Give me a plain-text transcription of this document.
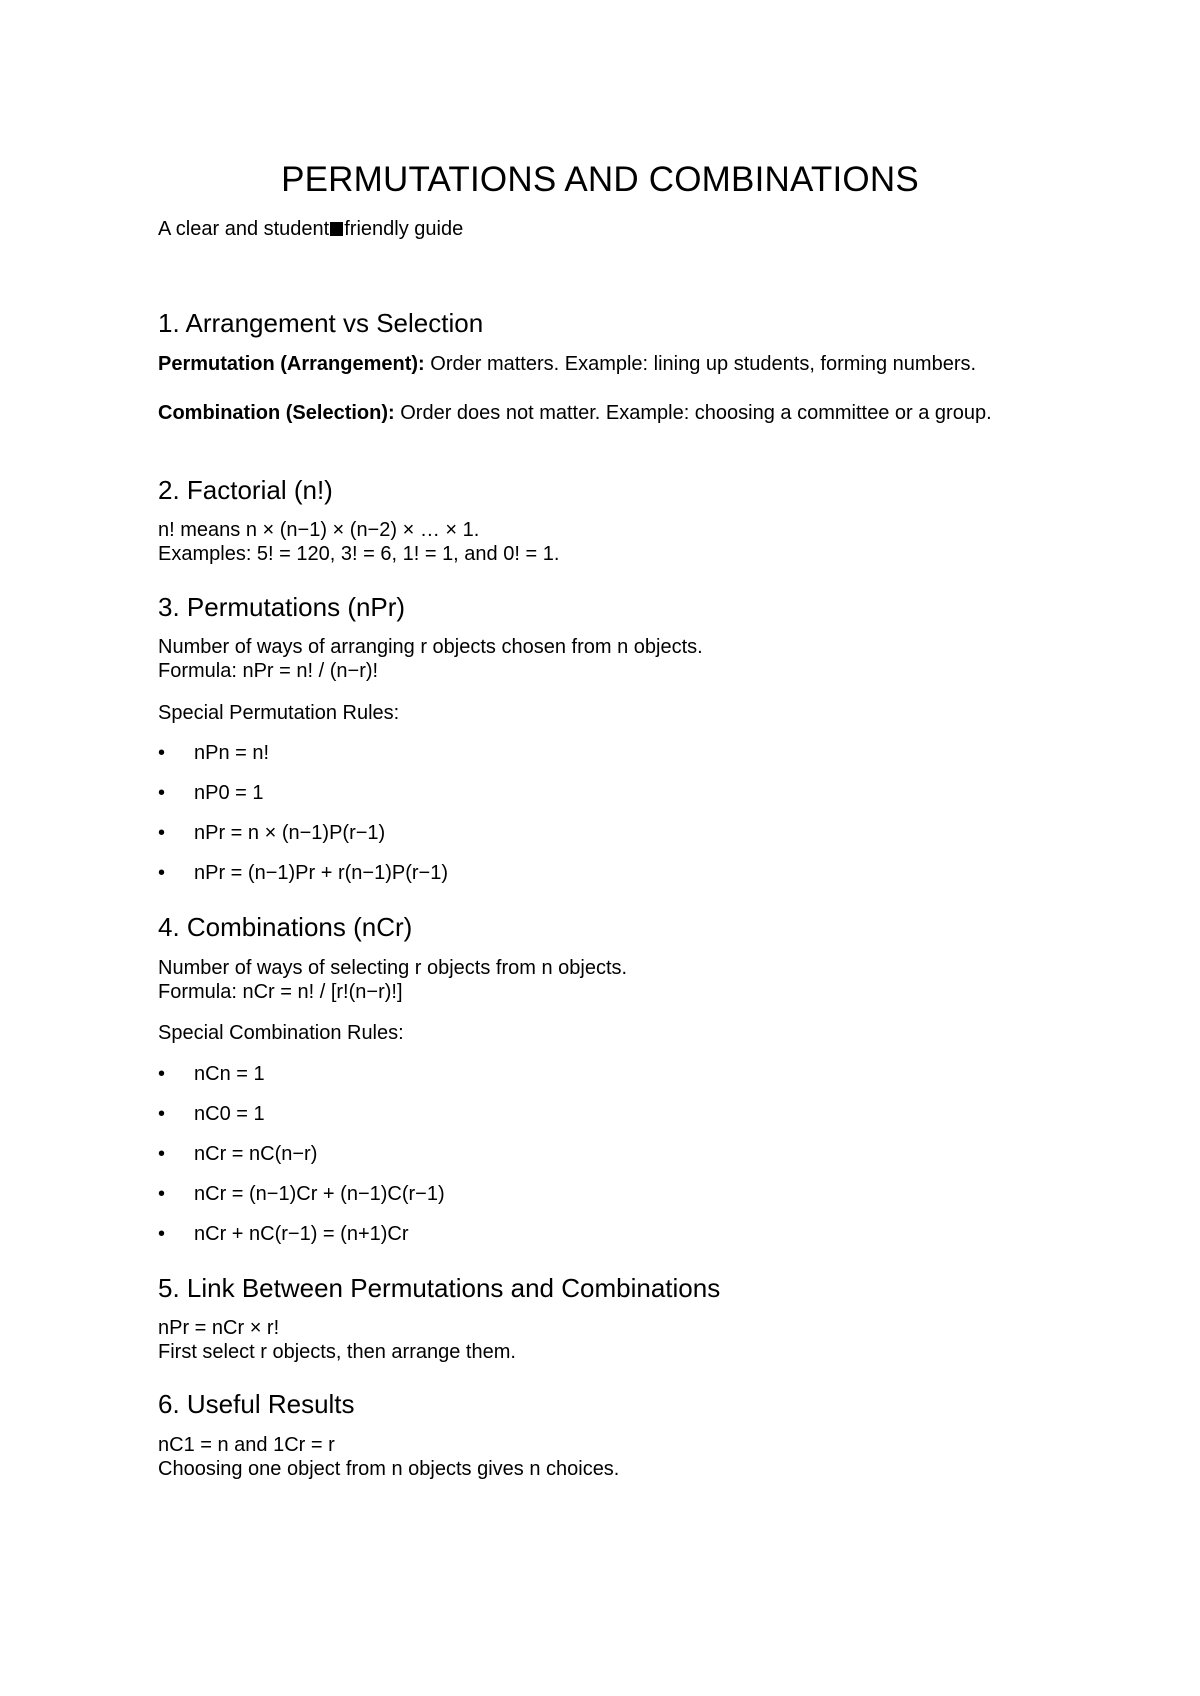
PERMUTATIONS AND COMBINATIONS
A clear and student friendly guide
1. Arrangement vs Selection
Permutation (Arrangement): Order matters. Example: lining up students, forming numbers.
Combination (Selection): Order does not matter. Example: choosing a committee or a group.
2. Factorial (n!)
n! means n × (n−1) × (n−2) × … × 1.
Examples: 5! = 120, 3! = 6, 1! = 1, and 0! = 1.
3. Permutations (nPr)
Number of ways of arranging r objects chosen from n objects.
Formula: nPr = n! / (n−r)!
Special Permutation Rules:
• nPn = n!
• nP0 = 1
• nPr = n × (n−1)P(r−1)
• nPr = (n−1)Pr + r(n−1)P(r−1)
4. Combinations (nCr)
Number of ways of selecting r objects from n objects.
Formula: nCr = n! / [r!(n−r)!]
Special Combination Rules:
• nCn = 1
• nC0 = 1
• nCr = nC(n−r)
• nCr = (n−1)Cr + (n−1)C(r−1)
• nCr + nC(r−1) = (n+1)Cr
5. Link Between Permutations and Combinations
nPr = nCr × r!
First select r objects, then arrange them.
6. Useful Results
nC1 = n and 1Cr = r
Choosing one object from n objects gives n choices.
